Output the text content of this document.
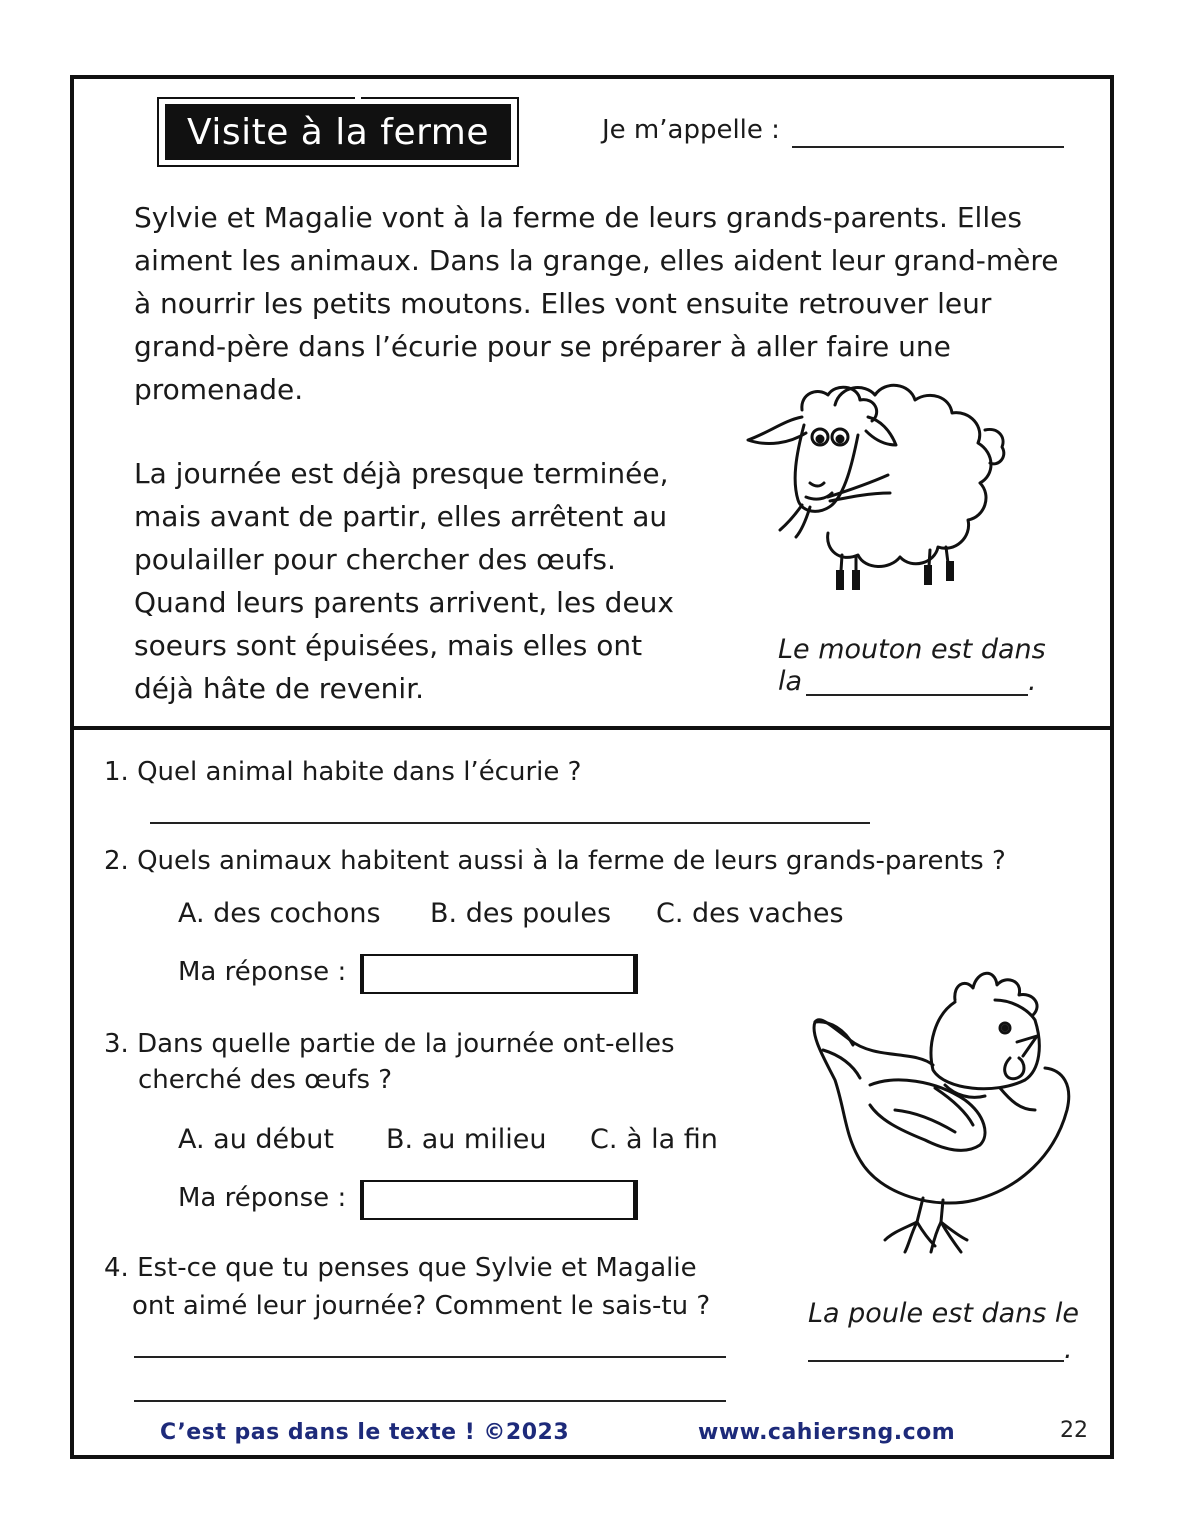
Visite à la ferme	Je m’appelle :

Sylvie et Magalie vont à la ferme de leurs grands-parents. Elles

aiment les animaux. Dans la grange, elles aident leur grand-mère

à nourrir les petits moutons. Elles vont ensuite retrouver leur

grand-père dans l’écurie pour se préparer à aller faire une

promenade.

La journée est déjà presque terminée,

mais avant de partir, elles arrêtent au

poulailler pour chercher des œufs.

Quand leurs parents arrivent, les deux

soeurs sont épuisées, mais elles ont

déjà hâte de revenir.

Le mouton est dans
la	.
1. Quel animal habite dans l’écurie ?
2. Quels animaux habitent aussi à la ferme de leurs grands-parents ?
A. des cochons B. des poules C. des vaches
Ma réponse :
3. Dans quelle partie de la journée ont-elles
cherché des œufs ?
A. au début B. au milieu C. à la fin
Ma réponse :
La poule est dans le
.
4. Est-ce que tu penses que Sylvie et Magalie
ont aimé leur journée? Comment le sais-tu ?
C’est pas dans le texte ! ©2023	www.cahiersng.com	22
